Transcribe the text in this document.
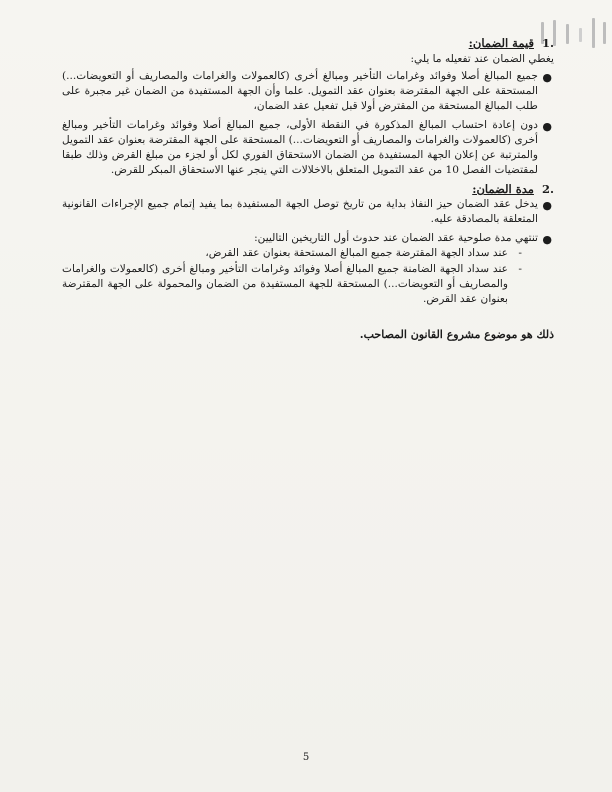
.1 قيمة الضمان:
يغطي الضمان عند تفعيله ما يلي:
●
جميع المبالغ أصلا وفوائد وغرامات التأخير ومبالغ أخرى (كالعمولات والغرامات والمصاريف أو التعويضات...) المستحقة على الجهة المقترضة بعنوان عقد التمويل. علما وأن الجهة المستفيدة من الضمان غير مجبرة على طلب المبالغ المستحقة من المقترض أولا قبل تفعيل عقد الضمان،
●
دون إعادة احتساب المبالغ المذكورة في النقطة الأولى، جميع المبالغ أصلا وفوائد وغرامات التأخير ومبالغ أخرى (كالعمولات والغرامات والمصاريف أو التعويضات...) المستحقة على الجهة المقترضة بعنوان عقد التمويل والمترتبة عن إعلان الجهة المستفيدة من الضمان الاستحقاق الفوري لكل أو لجزء من مبلغ القرض وذلك طبقا لمقتضيات الفصل 10 من عقد التمويل المتعلق بالاخلالات التي ينجر عنها الاستحقاق المبكر للقرض.
.2 مدة الضمان:
●
يدخل عقد الضمان حيز النفاذ بداية من تاريخ توصل الجهة المستفيدة بما يفيد إتمام جميع الإجراءات القانونية المتعلقة بالمصادقة عليه.
●
تنتهي مدة صلوحية عقد الضمان عند حدوث أول التاريخين التاليين:
-
عند سداد الجهة المقترضة جميع المبالغ المستحقة بعنوان عقد القرض،
-
عند سداد الجهة الضامنة جميع المبالغ أصلا وفوائد وغرامات التأخير ومبالغ أخرى (كالعمولات والغرامات والمصاريف أو التعويضات...) المستحقة للجهة المستفيدة من الضمان والمحمولة على الجهة المقترضة بعنوان عقد القرض.
ذلك هو موضوع مشروع القانون المصاحب.
5
